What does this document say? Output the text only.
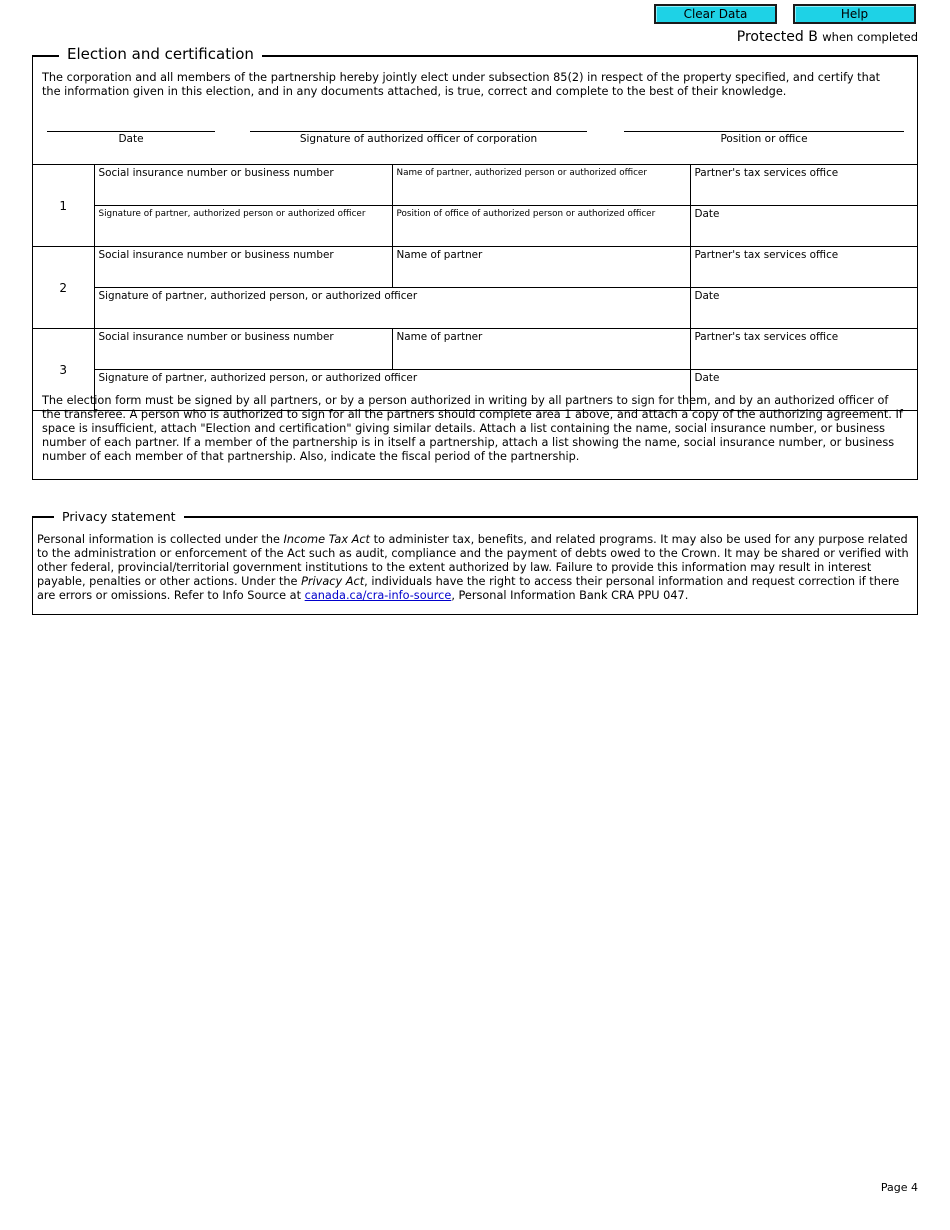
Clear Data	Help
Protected B when completed
Election and certification
The corporation and all members of the partnership hereby jointly elect under subsection 85(2) in respect of the property specified, and certify that the information given in this election, and in any documents attached, is true, correct and complete to the best of their knowledge.
Date	Signature of authorized officer of corporation	Position or office
1	Social insurance number or business number	Name of partner, authorized person or authorized officer	Partner's tax services office
	Signature of partner, authorized person or authorized officer	Position of office of authorized person or authorized officer	Date
2	Social insurance number or business number	Name of partner	Partner's tax services office
	Signature of partner, authorized person, or authorized officer		Date
3	Social insurance number or business number	Name of partner	Partner's tax services office
	Signature of partner, authorized person, or authorized officer		Date
The election form must be signed by all partners, or by a person authorized in writing by all partners to sign for them, and by an authorized officer of the transferee. A person who is authorized to sign for all the partners should complete area 1 above, and attach a copy of the authorizing agreement. If space is insufficient, attach "Election and certification" giving similar details. Attach a list containing the name, social insurance number, or business number of each partner. If a member of the partnership is in itself a partnership, attach a list showing the name, social insurance number, or business number of each member of that partnership. Also, indicate the fiscal period of the partnership.
Privacy statement
Personal information is collected under the Income Tax Act to administer tax, benefits, and related programs. It may also be used for any purpose related to the administration or enforcement of the Act such as audit, compliance and the payment of debts owed to the Crown. It may be shared or verified with other federal, provincial/territorial government institutions to the extent authorized by law. Failure to provide this information may result in interest payable, penalties or other actions. Under the Privacy Act, individuals have the right to access their personal information and request correction if there are errors or omissions. Refer to Info Source at canada.ca/cra-info-source, Personal Information Bank CRA PPU 047.
Page 4
